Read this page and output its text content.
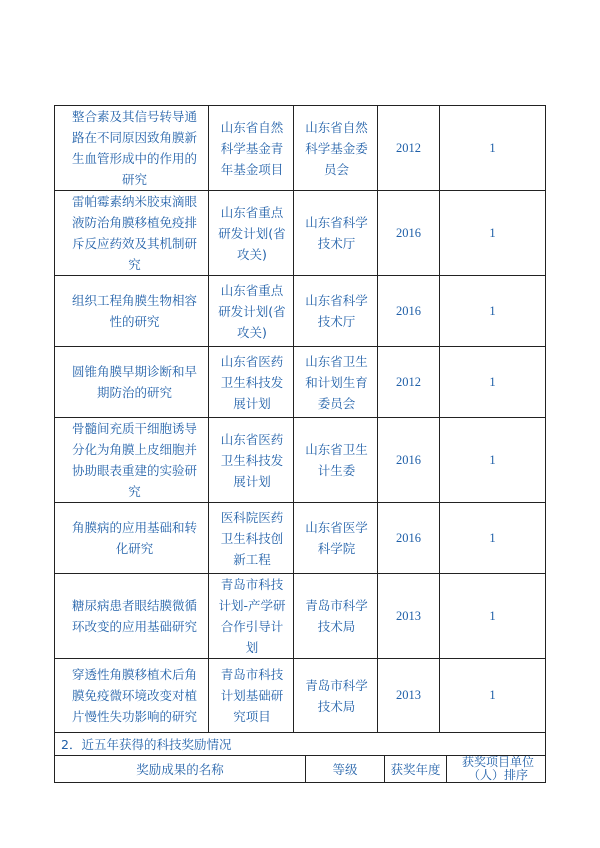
整合素及其信号转导通路在不同原因致角膜新生血管形成中的作用的研究	山东省自然科学基金青年基金项目	山东省自然科学基金委员会	2012	1
雷帕霉素纳米胶束滴眼液防治角膜移植免疫排斥反应药效及其机制研究	山东省重点研发计划(省攻关)	山东省科学技术厅	2016	1
组织工程角膜生物相容性的研究	山东省重点研发计划(省攻关)	山东省科学技术厅	2016	1
圆锥角膜早期诊断和早期防治的研究	山东省医药卫生科技发展计划	山东省卫生和计划生育委员会	2012	1
骨髓间充质干细胞诱导分化为角膜上皮细胞并协助眼表重建的实验研究	山东省医药卫生科技发展计划	山东省卫生计生委	2016	1
角膜病的应用基础和转化研究	医科院医药卫生科技创新工程	山东省医学科学院	2016	1
糖尿病患者眼结膜微循环改变的应用基础研究	青岛市科技计划-产学研合作引导计划	青岛市科学技术局	2013	1
穿透性角膜移植术后角膜免疫微环境改变对植片慢性失功影响的研究	青岛市科技计划基础研究项目	青岛市科学技术局	2013	1
2．近五年获得的科技奖励情况

奖励成果的名称	等级	获奖年度	获奖项目单位（人）排序
